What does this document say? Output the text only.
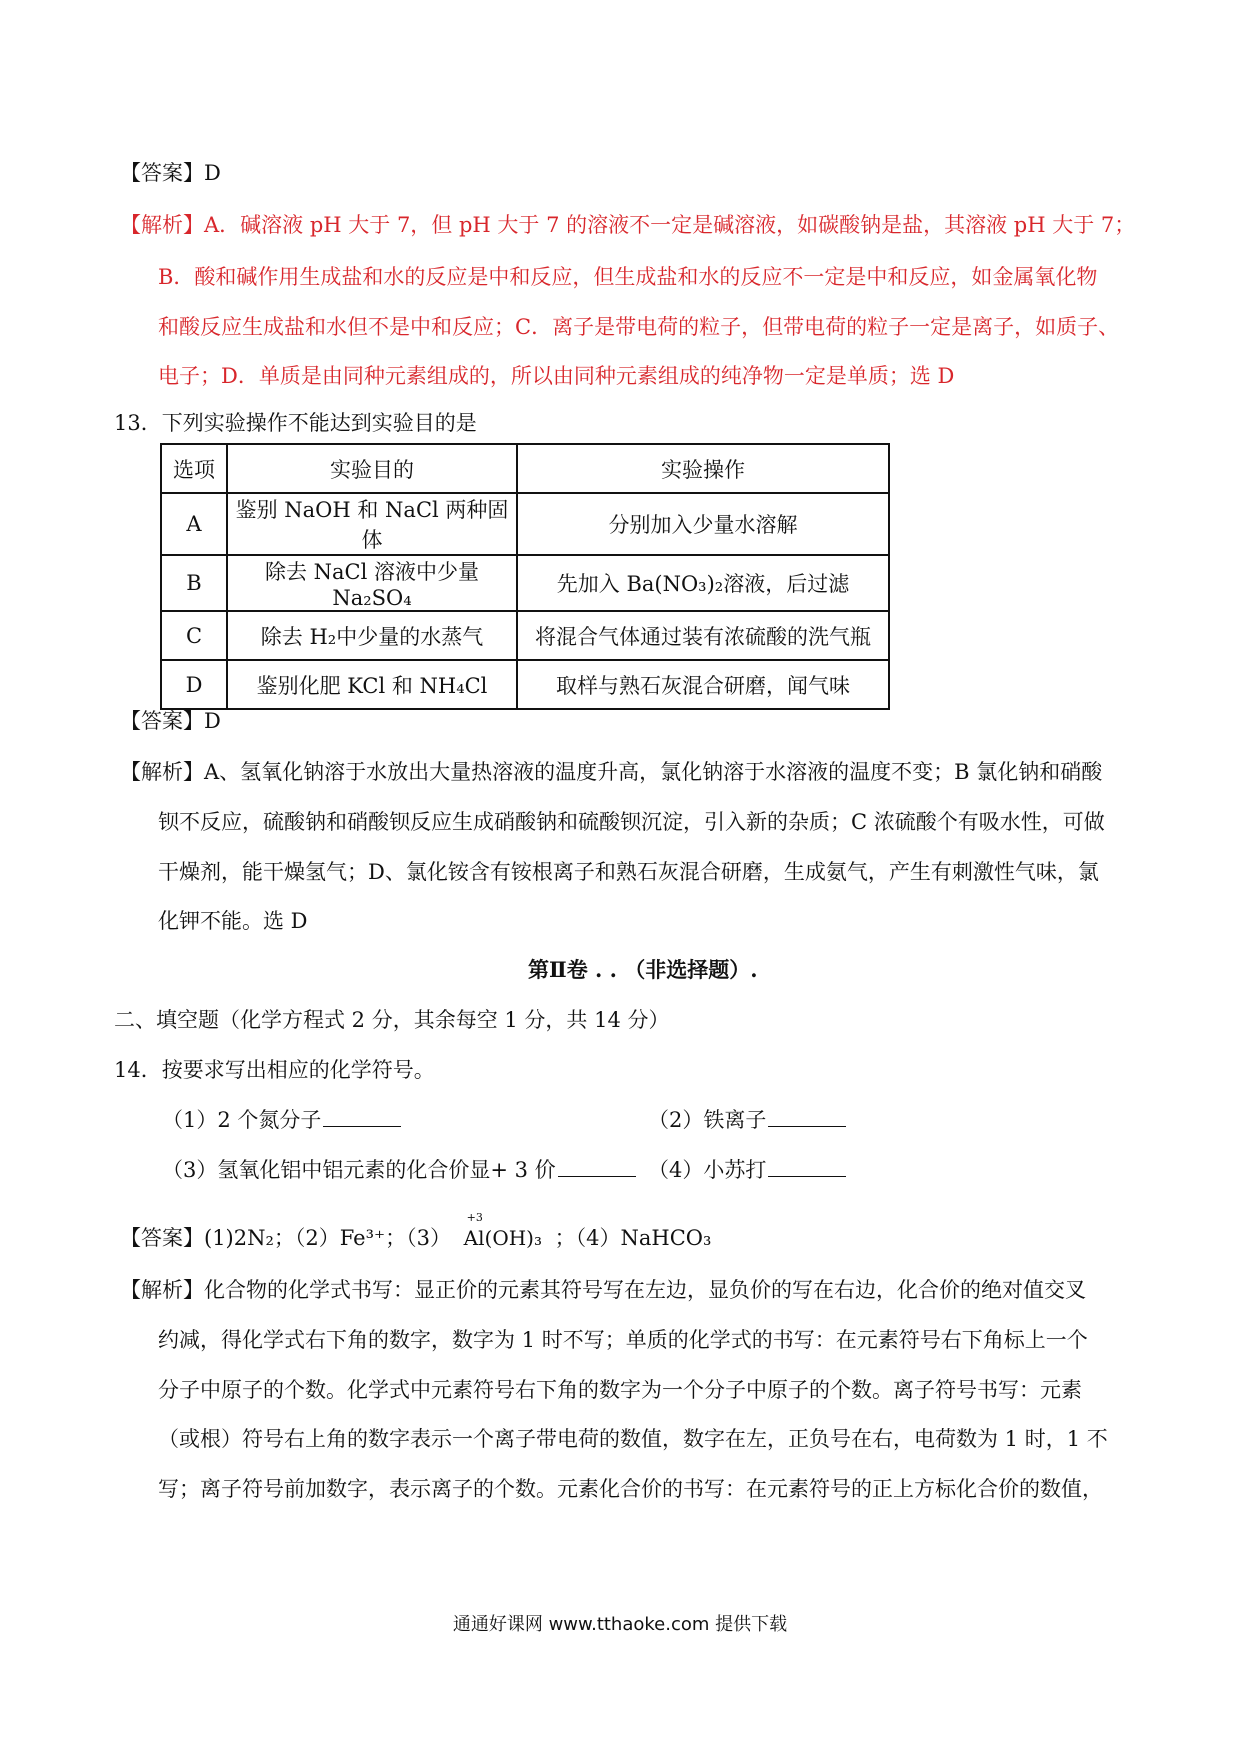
【答案】D
【解析】A．碱溶液 pH 大于 7，但 pH 大于 7 的溶液不一定是碱溶液，如碳酸钠是盐，其溶液 pH 大于 7；
B．酸和碱作用生成盐和水的反应是中和反应，但生成盐和水的反应不一定是中和反应，如金属氧化物
和酸反应生成盐和水但不是中和反应；C．离子是带电荷的粒子，但带电荷的粒子一定是离子，如质子、
电子；D．单质是由同种元素组成的，所以由同种元素组成的纯净物一定是单质；选 D
13．下列实验操作不能达到实验目的是
选项	实验目的	实验操作
A	鉴别 NaOH 和 NaCl 两种固体	分别加入少量水溶解
B	除去 NaCl 溶液中少量 Na₂SO₄	先加入 Ba(NO₃)₂溶液，后过滤
C	除去 H₂中少量的水蒸气	将混合气体通过装有浓硫酸的洗气瓶
D	鉴别化肥 KCl 和 NH₄Cl	取样与熟石灰混合研磨，闻气味
【答案】D
【解析】A、氢氧化钠溶于水放出大量热溶液的温度升高，氯化钠溶于水溶液的温度不变；B 氯化钠和硝酸
钡不反应，硫酸钠和硝酸钡反应生成硝酸钠和硫酸钡沉淀，引入新的杂质；C 浓硫酸个有吸水性，可做
干燥剂，能干燥氢气；D、氯化铵含有铵根离子和熟石灰混合研磨，生成氨气，产生有刺激性气味，氯
化钾不能。选 D
第Ⅱ卷 . . （非选择题）.
二、填空题（化学方程式 2 分，其余每空 1 分，共 14 分）
14．按要求写出相应的化学符号。
（1）2 个氮分子	（2）铁离子
（3）氢氧化铝中铝元素的化合价显+ 3 价	（4）小苏打
【答案】(1)2N₂；（2）Fe³⁺；（3）
+3
Al(OH)₃ ；（4）NaHCO₃
【解析】化合物的化学式书写：显正价的元素其符号写在左边，显负价的写在右边，化合价的绝对值交叉
约减，得化学式右下角的数字，数字为 1 时不写；单质的化学式的书写：在元素符号右下角标上一个
分子中原子的个数。化学式中元素符号右下角的数字为一个分子中原子的个数。离子符号书写：元素
（或根）符号右上角的数字表示一个离子带电荷的数值，数字在左，正负号在右，电荷数为 1 时，1 不
写；离子符号前加数字，表示离子的个数。元素化合价的书写：在元素符号的正上方标化合价的数值，
通通好课网 www.tthaoke.com 提供下载
